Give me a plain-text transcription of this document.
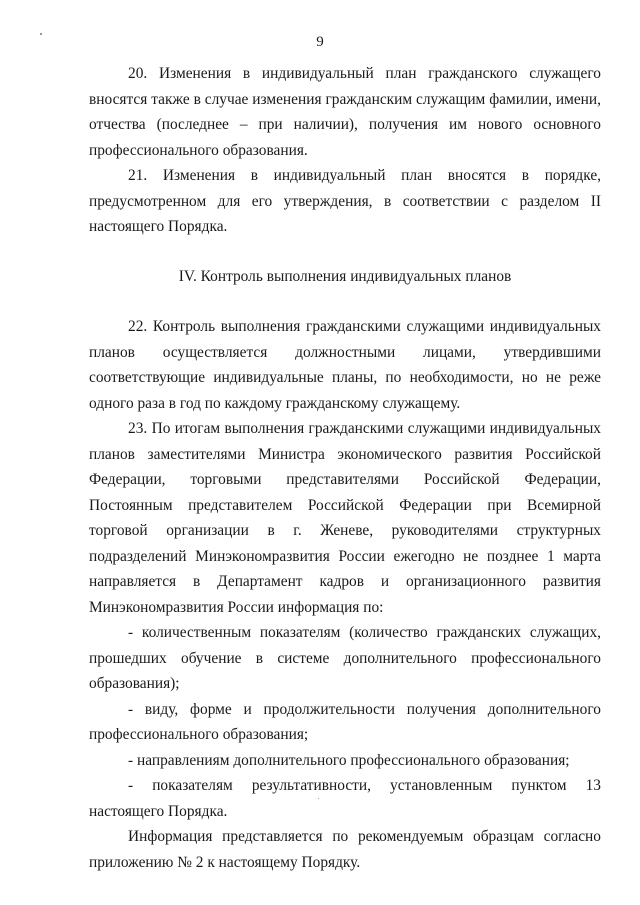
9

20. Изменения в индивидуальный план гражданского служащего вносятся также в случае изменения гражданским служащим фамилии, имени, отчества (последнее – при наличии), получения им нового основного профессионального образования.

21. Изменения в индивидуальный план вносятся в порядке, предусмотренном для его утверждения, в соответствии с разделом II настоящего Порядка.

IV. Контроль выполнения индивидуальных планов

22. Контроль выполнения гражданскими служащими индивидуальных планов осуществляется должностными лицами, утвердившими соответствующие индивидуальные планы, по необходимости, но не реже одного раза в год по каждому гражданскому служащему.

23. По итогам выполнения гражданскими служащими индивидуальных планов заместителями Министра экономического развития Российской Федерации, торговыми представителями Российской Федерации, Постоянным представителем Российской Федерации при Всемирной торговой организации в г. Женеве, руководителями структурных подразделений Минэкономразвития России ежегодно не позднее 1 марта направляется в Департамент кадров и организационного развития Минэкономразвития России информация по:

- количественным показателям (количество гражданских служащих, прошедших обучение в системе дополнительного профессионального образования);

- виду, форме и продолжительности получения дополнительного профессионального образования;

- направлениям дополнительного профессионального образования;

- показателям результативности, установленным пунктом 13 настоящего Порядка.

Информация представляется по рекомендуемым образцам согласно приложению № 2 к настоящему Порядку.
